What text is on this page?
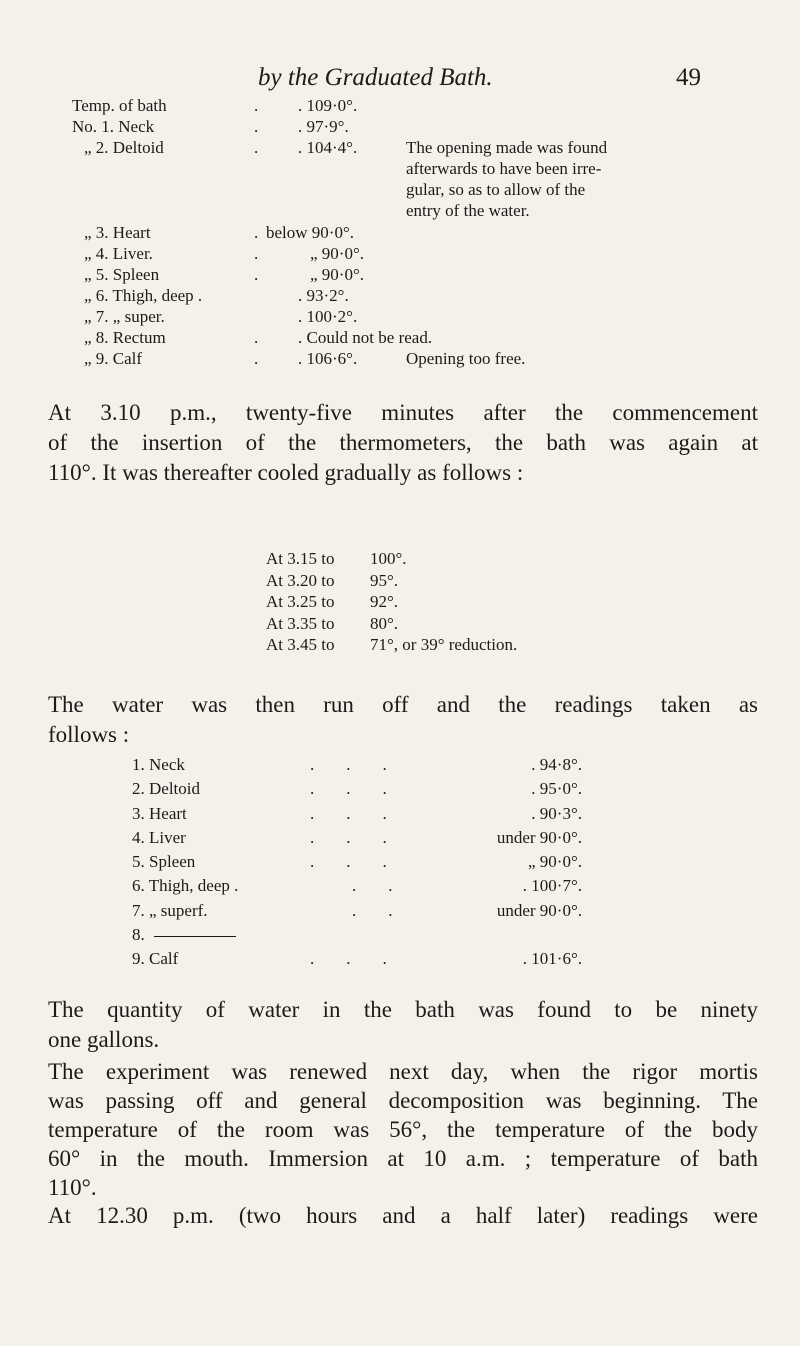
by the Graduated Bath.	49
Temp. of bath	. . 109·0°.
No. 1. Neck	. . 97·9°.
„ 2. Deltoid	. . 104·4°.	The opening made was found
afterwards to have been irre-
gular, so as to allow of the
entry of the water.
„ 3. Heart	. below 90·0°.
„ 4. Liver.	.	„ 90·0°.
„ 5. Spleen	.	„ 90·0°.
„ 6. Thigh, deep .	. 93·2°.
„ 7. „ super.	. 100·2°.
„ 8. Rectum	. . Could not be read.
„ 9. Calf	. . 106·6°.	Opening too free.
At 3.10 p.m., twenty-five minutes after the commencement
of the insertion of the thermometers, the bath was again at
110°. It was thereafter cooled gradually as follows :
At 3.15 to 100°.
At 3.20 to 95°.
At 3.25 to 92°.
At 3.35 to 80°.
At 3.45 to 71°, or 39° reduction.
The water was then run off and the readings taken as
follows :
1. Neck	...	. 94·8°.
2. Deltoid	...	. 95·0°.
3. Heart	...	. 90·3°.
4. Liver	...	under 90·0°.
5. Spleen	...	„ 90·0°.
6. Thigh, deep .	..	. 100·7°.
7. „ superf.	..	under 90·0°.
8.
9. Calf	...	. 101·6°.
The quantity of water in the bath was found to be ninety
one gallons.
The experiment was renewed next day, when the rigor mortis
was passing off and general decomposition was beginning. The
temperature of the room was 56°, the temperature of the body
60° in the mouth. Immersion at 10 a.m. ; temperature of bath
110°.
At 12.30 p.m. (two hours and a half later) readings were
